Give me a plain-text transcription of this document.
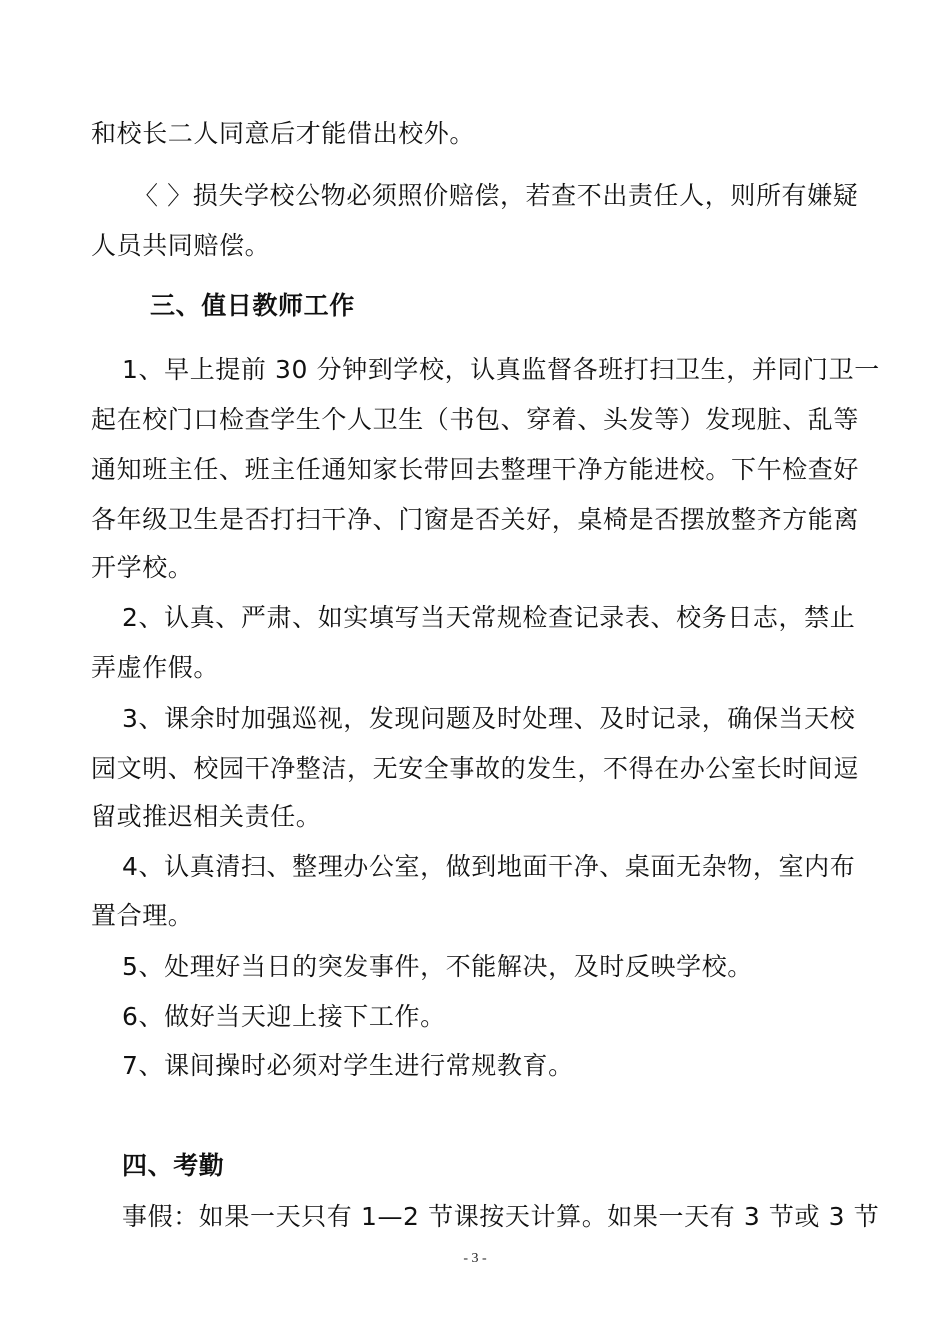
和校长二人同意后才能借出校外。
〈 〉损失学校公物必须照价赔偿，若查不出责任人，则所有嫌疑
人员共同赔偿。
三、值日教师工作
1、早上提前 30 分钟到学校，认真监督各班打扫卫生，并同门卫一
起在校门口检查学生个人卫生（书包、穿着、头发等）发现脏、乱等
通知班主任、班主任通知家长带回去整理干净方能进校。下午检查好
各年级卫生是否打扫干净、门窗是否关好，桌椅是否摆放整齐方能离
开学校。
2、认真、严肃、如实填写当天常规检查记录表、校务日志，禁止
弄虚作假。
3、课余时加强巡视，发现问题及时处理、及时记录，确保当天校
园文明、校园干净整洁，无安全事故的发生，不得在办公室长时间逗
留或推迟相关责任。
4、认真清扫、整理办公室，做到地面干净、桌面无杂物，室内布
置合理。
5、处理好当日的突发事件，不能解决，及时反映学校。
6、做好当天迎上接下工作。
7、课间操时必须对学生进行常规教育。
四、考勤
事假：如果一天只有 1—2 节课按天计算。如果一天有 3 节或 3 节
- 3 -
